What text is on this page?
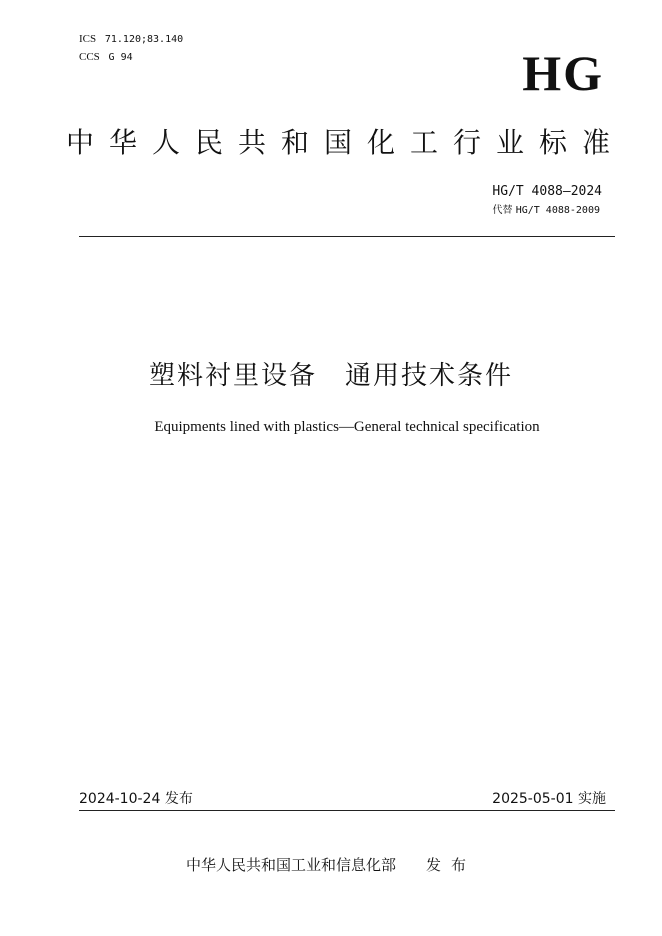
ICS 71.120;83.140
CCS G 94	HG
中华人民共和国化工行业标准
HG/T 4088—2024
代替 HG/T 4088-2009
塑料衬里设备　通用技术条件
Equipments lined with plastics—General technical specification
2024-10-24 发布	2025-05-01 实施
中华人民共和国工业和信息化部 发布
